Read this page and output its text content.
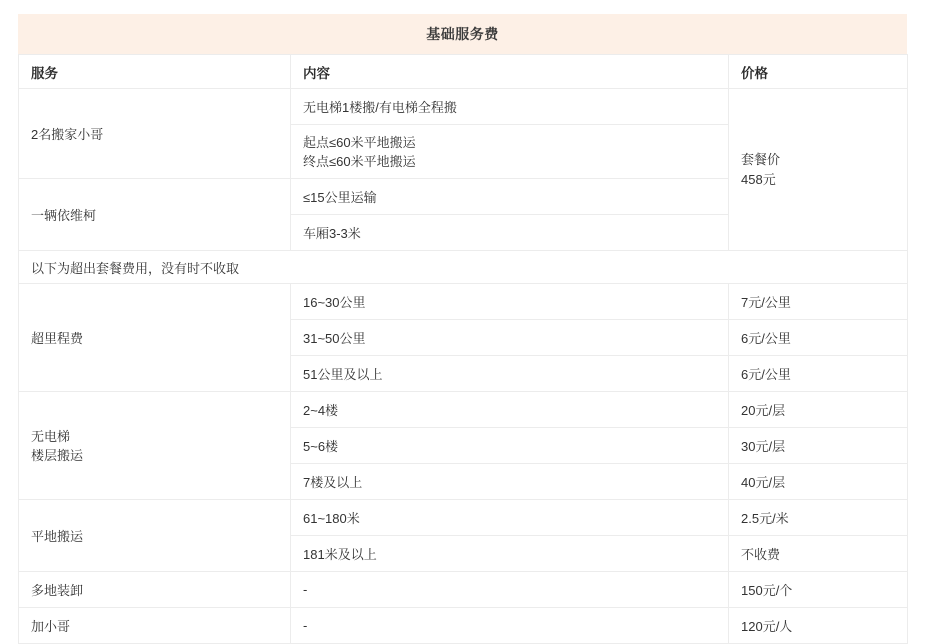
基础服务费
服务	内容	价格
2名搬家小哥	无电梯1楼搬/有电梯全程搬	套餐价
458元

	起点≤60米平地搬运
终点≤60米平地搬运	

一辆依维柯	≤15公里运输	
	车厢3-3米	
以下为超出套餐费用，没有时不收取		

超里程费	16~30公里	7元/公里
	31~50公里	6元/公里
	51公里及以上	6元/公里

无电梯
楼层搬运	2~4楼	20元/层
	5~6楼	30元/层
	7楼及以上	40元/层

平地搬运	61~180米	2.5元/米
	181米及以上	不收费

多地装卸	-	150元/个

加小哥	-	120元/人
